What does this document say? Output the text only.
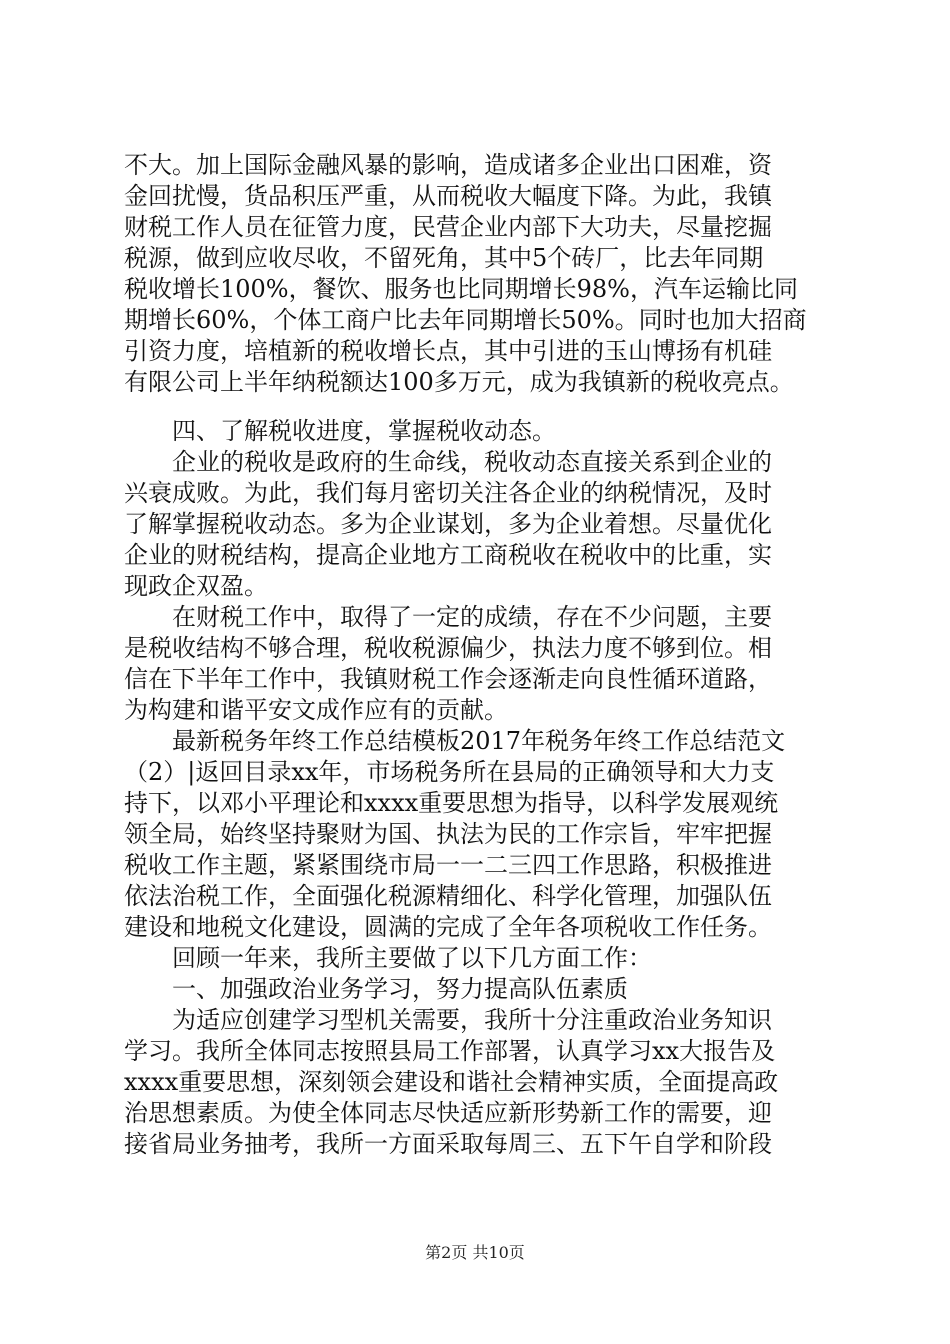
不大。加上国际金融风暴的影响，造成诸多企业出口困难，资
金回扰慢，货品积压严重，从而税收大幅度下降。为此，我镇
财税工作人员在征管力度，民营企业内部下大功夫，尽量挖掘
税源，做到应收尽收，不留死角，其中5个砖厂，比去年同期
税收增长100%，餐饮、服务也比同期增长98%，汽车运输比同
期增长60%，个体工商户比去年同期增长50%。同时也加大招商
引资力度，培植新的税收增长点，其中引进的玉山博扬有机硅
有限公司上半年纳税额达100多万元，成为我镇新的税收亮点。
四、了解税收进度，掌握税收动态。
企业的税收是政府的生命线，税收动态直接关系到企业的
兴衰成败。为此，我们每月密切关注各企业的纳税情况，及时
了解掌握税收动态。多为企业谋划，多为企业着想。尽量优化
企业的财税结构，提高企业地方工商税收在税收中的比重，实
现政企双盈。
在财税工作中，取得了一定的成绩，存在不少问题，主要
是税收结构不够合理，税收税源偏少，执法力度不够到位。相
信在下半年工作中，我镇财税工作会逐渐走向良性循环道路，
为构建和谐平安文成作应有的贡献。
最新税务年终工作总结模板2017年税务年终工作总结范文
（2）|返回目录xx年，市场税务所在县局的正确领导和大力支
持下，以邓小平理论和xxxx重要思想为指导，以科学发展观统
领全局，始终坚持聚财为国、执法为民的工作宗旨，牢牢把握
税收工作主题，紧紧围绕市局一一二三四工作思路，积极推进
依法治税工作，全面强化税源精细化、科学化管理，加强队伍
建设和地税文化建设，圆满的完成了全年各项税收工作任务。
回顾一年来，我所主要做了以下几方面工作：
一、加强政治业务学习，努力提高队伍素质
为适应创建学习型机关需要，我所十分注重政治业务知识
学习。我所全体同志按照县局工作部署，认真学习xx大报告及
xxxx重要思想，深刻领会建设和谐社会精神实质，全面提高政
治思想素质。为使全体同志尽快适应新形势新工作的需要，迎
接省局业务抽考，我所一方面采取每周三、五下午自学和阶段
第2页 共10页
